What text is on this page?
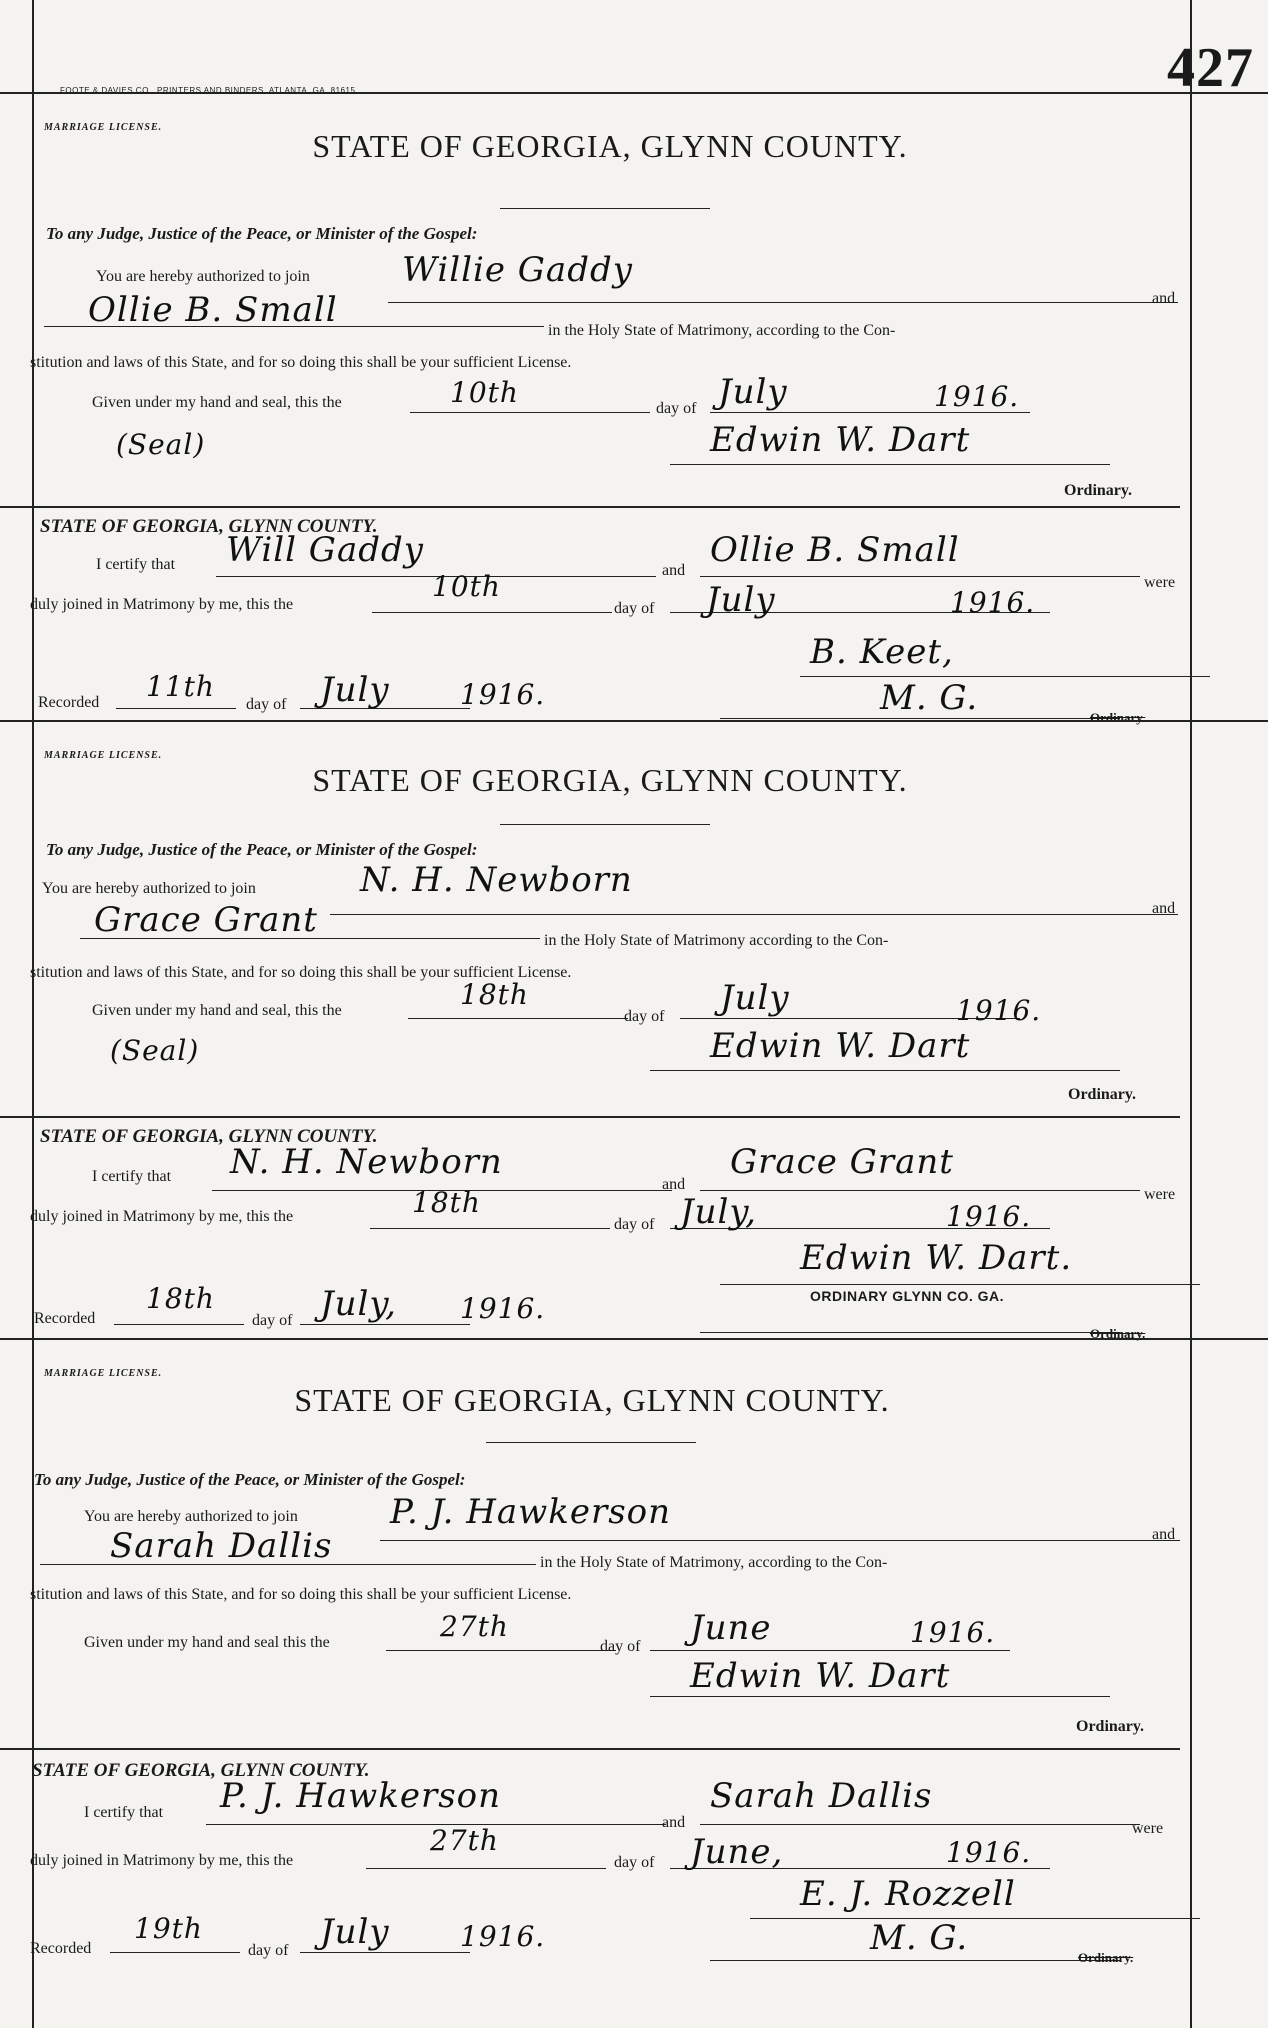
427
FOOTE & DAVIES CO., PRINTERS AND BINDERS, ATLANTA, GA. 81615
MARRIAGE LICENSE.
STATE OF GEORGIA, GLYNN COUNTY.
To any Judge, Justice of the Peace, or Minister of the Gospel:
You are hereby authorized to join	Willie Gaddy
and
Ollie B. Small
in the Holy State of Matrimony, according to the Con-
stitution and laws of this State, and for so doing this shall be your sufficient License.
Given under my hand and seal, this the	10th	day of July	1916.
(Seal)	Edwin W. Dart
Ordinary.
STATE OF GEORGIA, GLYNN COUNTY.
I certify that Will Gaddy
and
Ollie B. Small
were
duly joined in Matrimony by me, this the
10th
day of July	1916.
B. Keet,
Recorded 11th
day of July	1916.	M. G.	Ordinary.
MARRIAGE LICENSE.
STATE OF GEORGIA, GLYNN COUNTY.
To any Judge, Justice of the Peace, or Minister of the Gospel:
You are hereby authorized to join	N. H. Newborn
and
Grace Grant
in the Holy State of Matrimony according to the Con-
stitution and laws of this State, and for so doing this shall be your sufficient License.
Given under my hand and seal, this the	18th
day of July	1916.
(Seal)	Edwin W. Dart
Ordinary.
STATE OF GEORGIA, GLYNN COUNTY.
I certify that N. H. Newborn
and
Grace Grant
were
duly joined in Matrimony by me, this the	18th
day of July,	1916.
Edwin W. Dart.
ORDINARY GLYNN CO. GA.
Recorded
18th
day of July, 1916.
Ordinary.
MARRIAGE LICENSE.
STATE OF GEORGIA, GLYNN COUNTY.
To any Judge, Justice of the Peace, or Minister of the Gospel:
You are hereby authorized to join	P. J. Hawkerson
and
Sarah Dallis	in the Holy State of Matrimony, according to the Con-
stitution and laws of this State, and for so doing this shall be your sufficient License.
Given under my hand and seal this the	27th
day of June	1916.
Edwin W. Dart
Ordinary.
STATE OF GEORGIA, GLYNN COUNTY.
I certify that P. J. Hawkerson
and
Sarah Dallis
were
duly joined in Matrimony by me, this the
27th
day of June,	1916.
E. J. Rozzell
Recorded
19th
day of July	1916.	M. G.	Ordinary.
